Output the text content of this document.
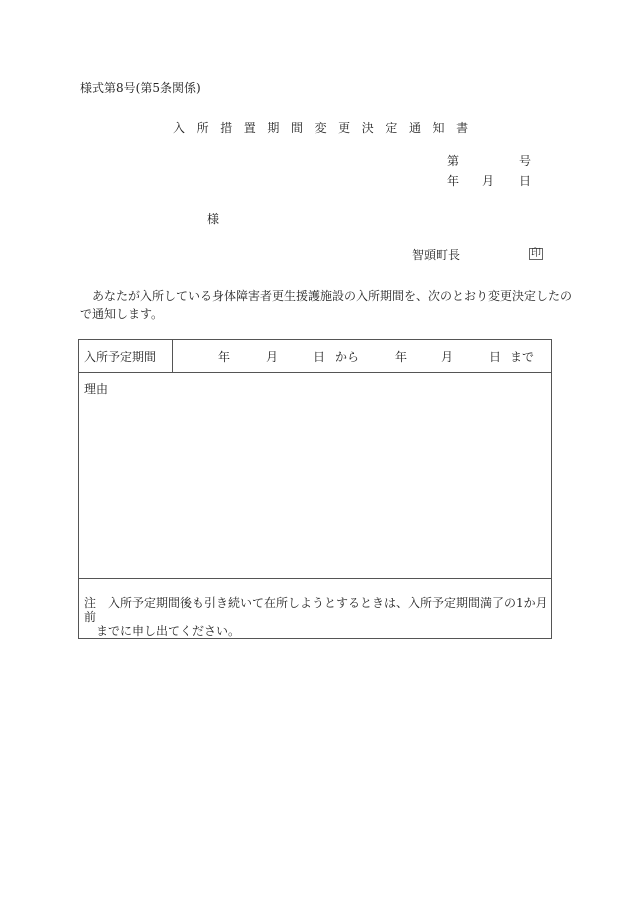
様式第8号(第5条関係)
入 所 措 置 期 間 変 更 決 定 通 知 書
第	号
年 月 日
様
智頭町長	印
あなたが入所している身体障害者更生援護施設の入所期間を、次のとおり変更決定したの
で通知します。
入所予定期間	年	月	日 から	年	月	日 まで

理由

注　入所予定期間後も引き続いて在所しようとするときは、入所予定期間満了の1か月前
までに申し出てください。
